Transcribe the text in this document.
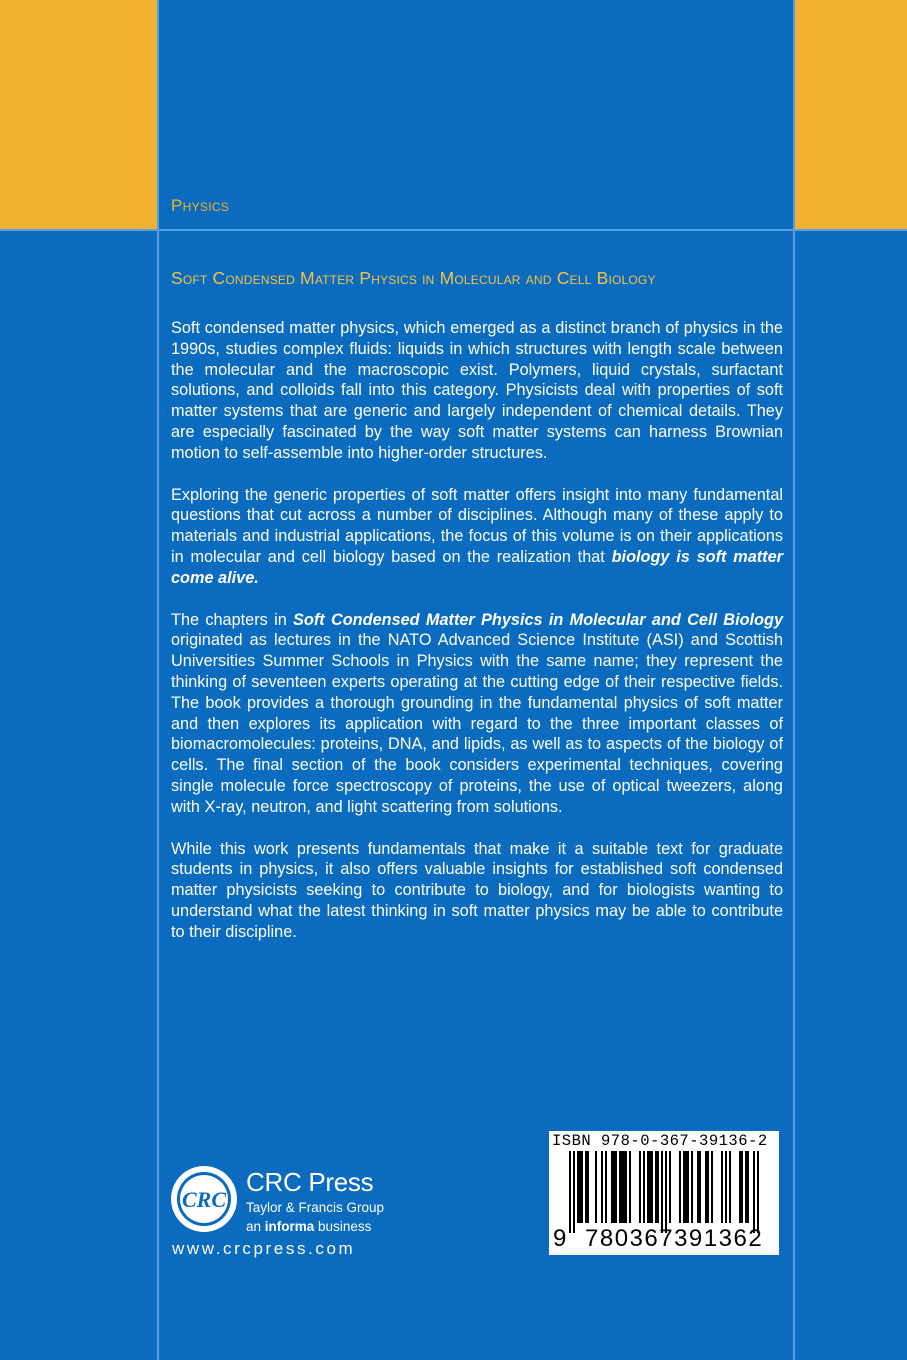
Physics
Soft Condensed Matter Physics in Molecular and Cell Biology

Soft condensed matter physics, which emerged as a distinct branch of physics in the 1990s, studies complex fluids: liquids in which structures with length scale between the molecular and the macroscopic exist. Polymers, liquid crystals, surfactant solutions, and colloids fall into this category. Physicists deal with properties of soft matter systems that are generic and largely independent of chemical details. They are especially fascinated by the way soft matter systems can harness Brownian motion to self-assemble into higher-order structures.

Exploring the generic properties of soft matter offers insight into many fundamental questions that cut across a number of disciplines. Although many of these apply to materials and industrial applications, the focus of this volume is on their applications in molecular and cell biology based on the realization that biology is soft matter come alive.

The chapters in Soft Condensed Matter Physics in Molecular and Cell Biology originated as lectures in the NATO Advanced Science Institute (ASI) and Scottish Universities Summer Schools in Physics with the same name; they represent the thinking of seventeen experts operating at the cutting edge of their respective fields. The book provides a thorough grounding in the fundamental physics of soft matter and then explores its application with regard to the three important classes of biomacromolecules: proteins, DNA, and lipids, as well as to aspects of the biology of cells. The final section of the book considers experimental techniques, covering single molecule force spectroscopy of proteins, the use of optical tweezers, along with X-ray, neutron, and light scattering from solutions.

While this work presents fundamentals that make it a suitable text for graduate students in physics, it also offers valuable insights for established soft condensed matter physicists seeking to contribute to biology, and for biologists wanting to understand what the latest thinking in soft matter physics may be able to contribute to their discipline.

CRC
CRC Press
Taylor & Francis Group
an informa business
www.crcpress.com
ISBN 978-0-367-39136-2
9 780367391362
